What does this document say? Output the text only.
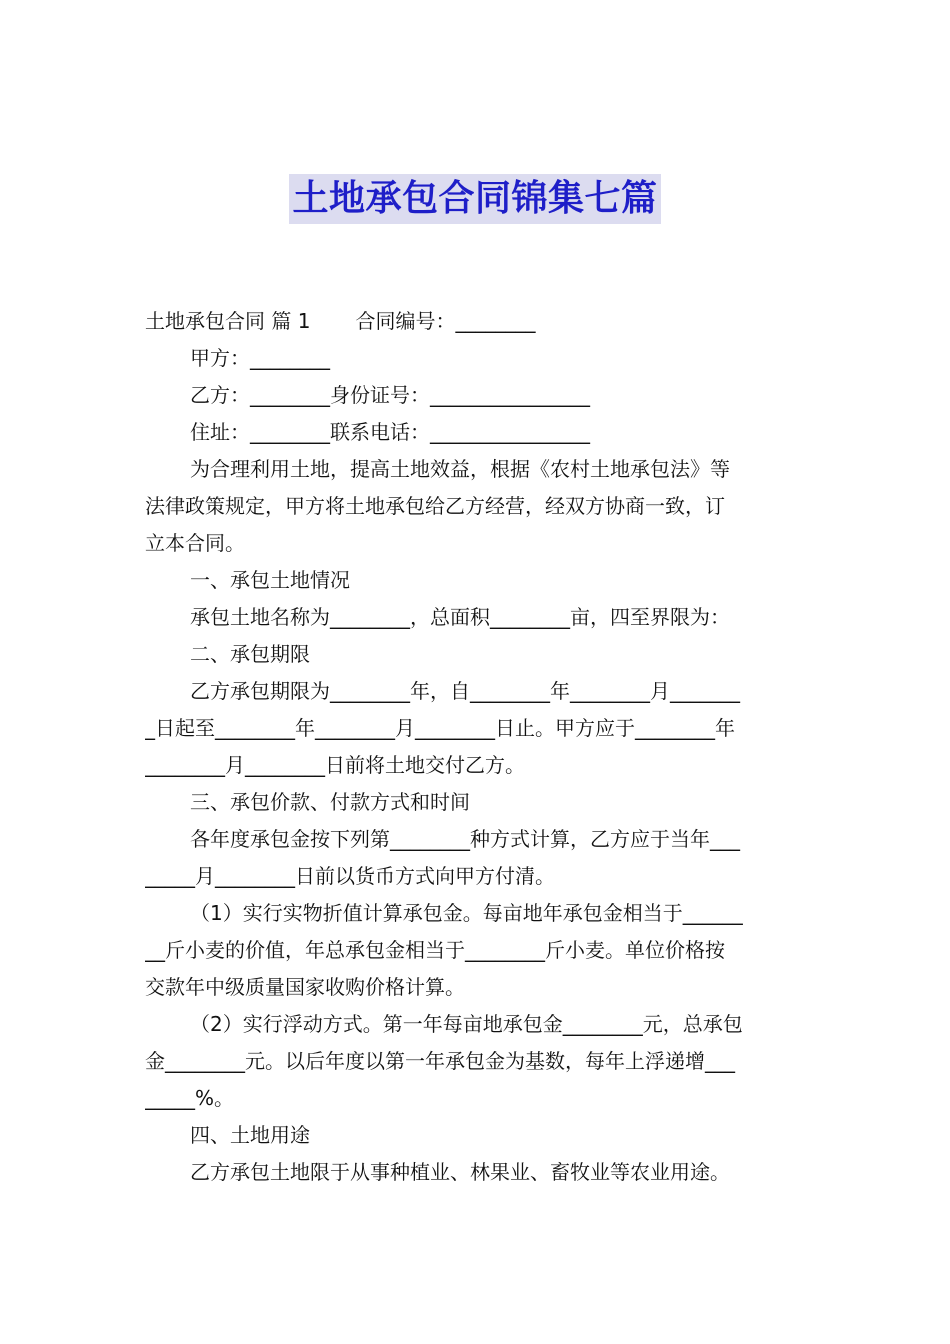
土地承包合同锦集七篇
土地承包合同 篇 1 合同编号：________
甲方：________
乙方：________身份证号：________________
住址：________联系电话：________________
为合理利用土地，提高土地效益，根据《农村土地承包法》等
法律政策规定，甲方将土地承包给乙方经营，经双方协商一致，订
立本合同。
一、承包土地情况
承包土地名称为________，总面积________亩，四至界限为：
二、承包期限
乙方承包期限为________年，自________年________月_______
_日起至________年________月________日止。甲方应于________年
________月________日前将土地交付乙方。
三、承包价款、付款方式和时间
各年度承包金按下列第________种方式计算，乙方应于当年___
_____月________日前以货币方式向甲方付清。
（1）实行实物折值计算承包金。每亩地年承包金相当于______
__斤小麦的价值，年总承包金相当于________斤小麦。单位价格按
交款年中级质量国家收购价格计算。
（2）实行浮动方式。第一年每亩地承包金________元，总承包
金________元。以后年度以第一年承包金为基数，每年上浮递增___
_____%。
四、土地用途
乙方承包土地限于从事种植业、林果业、畜牧业等农业用途。
